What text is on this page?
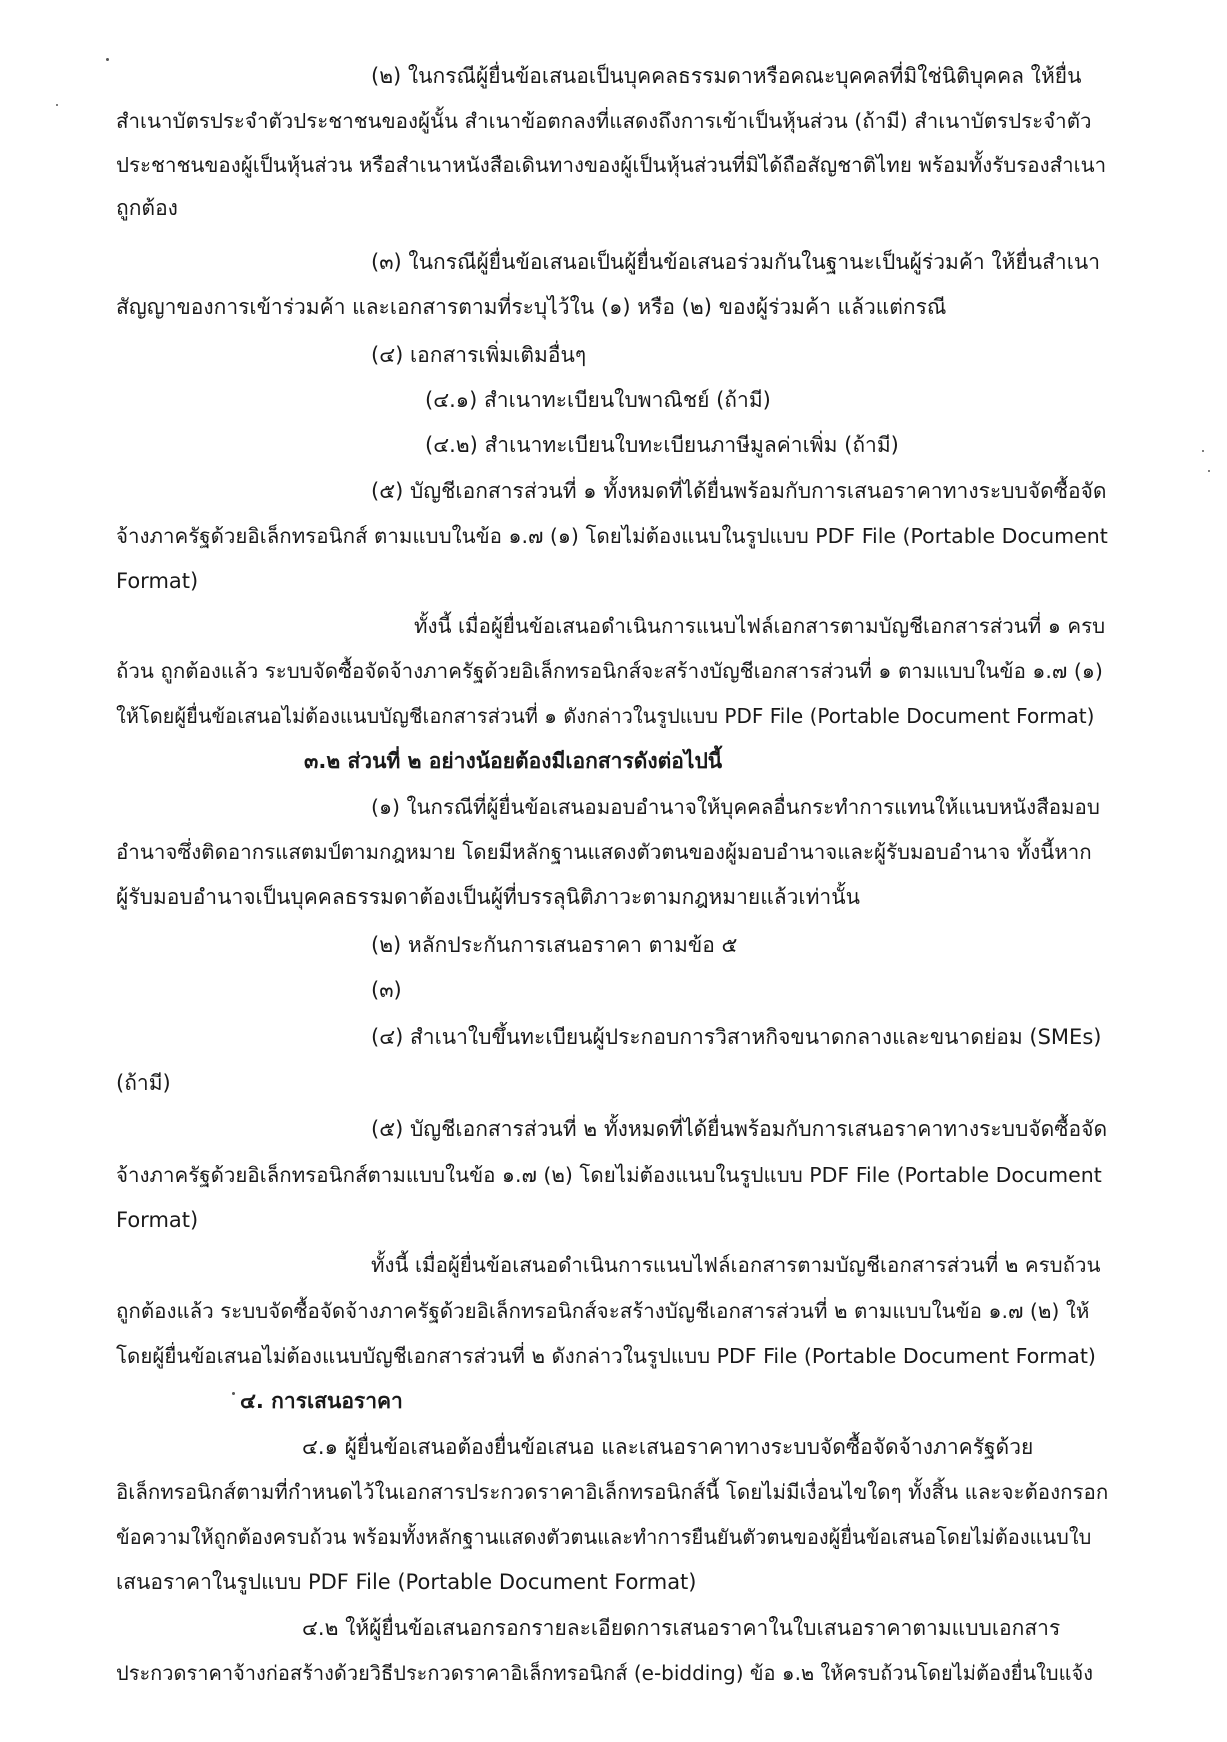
(๒) ในกรณีผู้ยื่นข้อเสนอเป็นบุคคลธรรมดาหรือคณะบุคคลที่มิใช่นิติบุคคล ให้ยื่น
สำเนาบัตรประจำตัวประชาชนของผู้นั้น สำเนาข้อตกลงที่แสดงถึงการเข้าเป็นหุ้นส่วน (ถ้ามี) สำเนาบัตรประจำตัว
ประชาชนของผู้เป็นหุ้นส่วน หรือสำเนาหนังสือเดินทางของผู้เป็นหุ้นส่วนที่มิได้ถือสัญชาติไทย พร้อมทั้งรับรองสำเนา
ถูกต้อง
(๓) ในกรณีผู้ยื่นข้อเสนอเป็นผู้ยื่นข้อเสนอร่วมกันในฐานะเป็นผู้ร่วมค้า ให้ยื่นสำเนา
สัญญาของการเข้าร่วมค้า และเอกสารตามที่ระบุไว้ใน (๑) หรือ (๒) ของผู้ร่วมค้า แล้วแต่กรณี
(๔) เอกสารเพิ่มเติมอื่นๆ
(๔.๑) สำเนาทะเบียนใบพาณิชย์ (ถ้ามี)
(๔.๒) สำเนาทะเบียนใบทะเบียนภาษีมูลค่าเพิ่ม (ถ้ามี)
(๕) บัญชีเอกสารส่วนที่ ๑ ทั้งหมดที่ได้ยื่นพร้อมกับการเสนอราคาทางระบบจัดซื้อจัด
จ้างภาครัฐด้วยอิเล็กทรอนิกส์ ตามแบบในข้อ ๑.๗ (๑) โดยไม่ต้องแนบในรูปแบบ PDF File (Portable Document
Format)
ทั้งนี้ เมื่อผู้ยื่นข้อเสนอดำเนินการแนบไฟล์เอกสารตามบัญชีเอกสารส่วนที่ ๑ ครบ
ถ้วน ถูกต้องแล้ว ระบบจัดซื้อจัดจ้างภาครัฐด้วยอิเล็กทรอนิกส์จะสร้างบัญชีเอกสารส่วนที่ ๑ ตามแบบในข้อ ๑.๗ (๑)
ให้โดยผู้ยื่นข้อเสนอไม่ต้องแนบบัญชีเอกสารส่วนที่ ๑ ดังกล่าวในรูปแบบ PDF File (Portable Document Format)
๓.๒ ส่วนที่ ๒ อย่างน้อยต้องมีเอกสารดังต่อไปนี้
(๑) ในกรณีที่ผู้ยื่นข้อเสนอมอบอำนาจให้บุคคลอื่นกระทำการแทนให้แนบหนังสือมอบ
อำนาจซึ่งติดอากรแสตมป์ตามกฎหมาย โดยมีหลักฐานแสดงตัวตนของผู้มอบอำนาจและผู้รับมอบอำนาจ ทั้งนี้หาก
ผู้รับมอบอำนาจเป็นบุคคลธรรมดาต้องเป็นผู้ที่บรรลุนิติภาวะตามกฎหมายแล้วเท่านั้น
(๒) หลักประกันการเสนอราคา ตามข้อ ๕
(๓)
(๔) สำเนาใบขึ้นทะเบียนผู้ประกอบการวิสาหกิจขนาดกลางและขนาดย่อม (SMEs)
(ถ้ามี)
(๕) บัญชีเอกสารส่วนที่ ๒ ทั้งหมดที่ได้ยื่นพร้อมกับการเสนอราคาทางระบบจัดซื้อจัด
จ้างภาครัฐด้วยอิเล็กทรอนิกส์ตามแบบในข้อ ๑.๗ (๒) โดยไม่ต้องแนบในรูปแบบ PDF File (Portable Document
Format)
ทั้งนี้ เมื่อผู้ยื่นข้อเสนอดำเนินการแนบไฟล์เอกสารตามบัญชีเอกสารส่วนที่ ๒ ครบถ้วน
ถูกต้องแล้ว ระบบจัดซื้อจัดจ้างภาครัฐด้วยอิเล็กทรอนิกส์จะสร้างบัญชีเอกสารส่วนที่ ๒ ตามแบบในข้อ ๑.๗ (๒) ให้
โดยผู้ยื่นข้อเสนอไม่ต้องแนบบัญชีเอกสารส่วนที่ ๒ ดังกล่าวในรูปแบบ PDF File (Portable Document Format)
๔. การเสนอราคา
๔.๑ ผู้ยื่นข้อเสนอต้องยื่นข้อเสนอ และเสนอราคาทางระบบจัดซื้อจัดจ้างภาครัฐด้วย
อิเล็กทรอนิกส์ตามที่กำหนดไว้ในเอกสารประกวดราคาอิเล็กทรอนิกส์นี้ โดยไม่มีเงื่อนไขใดๆ ทั้งสิ้น และจะต้องกรอก
ข้อความให้ถูกต้องครบถ้วน พร้อมทั้งหลักฐานแสดงตัวตนและทำการยืนยันตัวตนของผู้ยื่นข้อเสนอโดยไม่ต้องแนบใบ
เสนอราคาในรูปแบบ PDF File (Portable Document Format)
๔.๒ ให้ผู้ยื่นข้อเสนอกรอกรายละเอียดการเสนอราคาในใบเสนอราคาตามแบบเอกสาร
ประกวดราคาจ้างก่อสร้างด้วยวิธีประกวดราคาอิเล็กทรอนิกส์ (e-bidding) ข้อ ๑.๒ ให้ครบถ้วนโดยไม่ต้องยื่นใบแจ้ง
